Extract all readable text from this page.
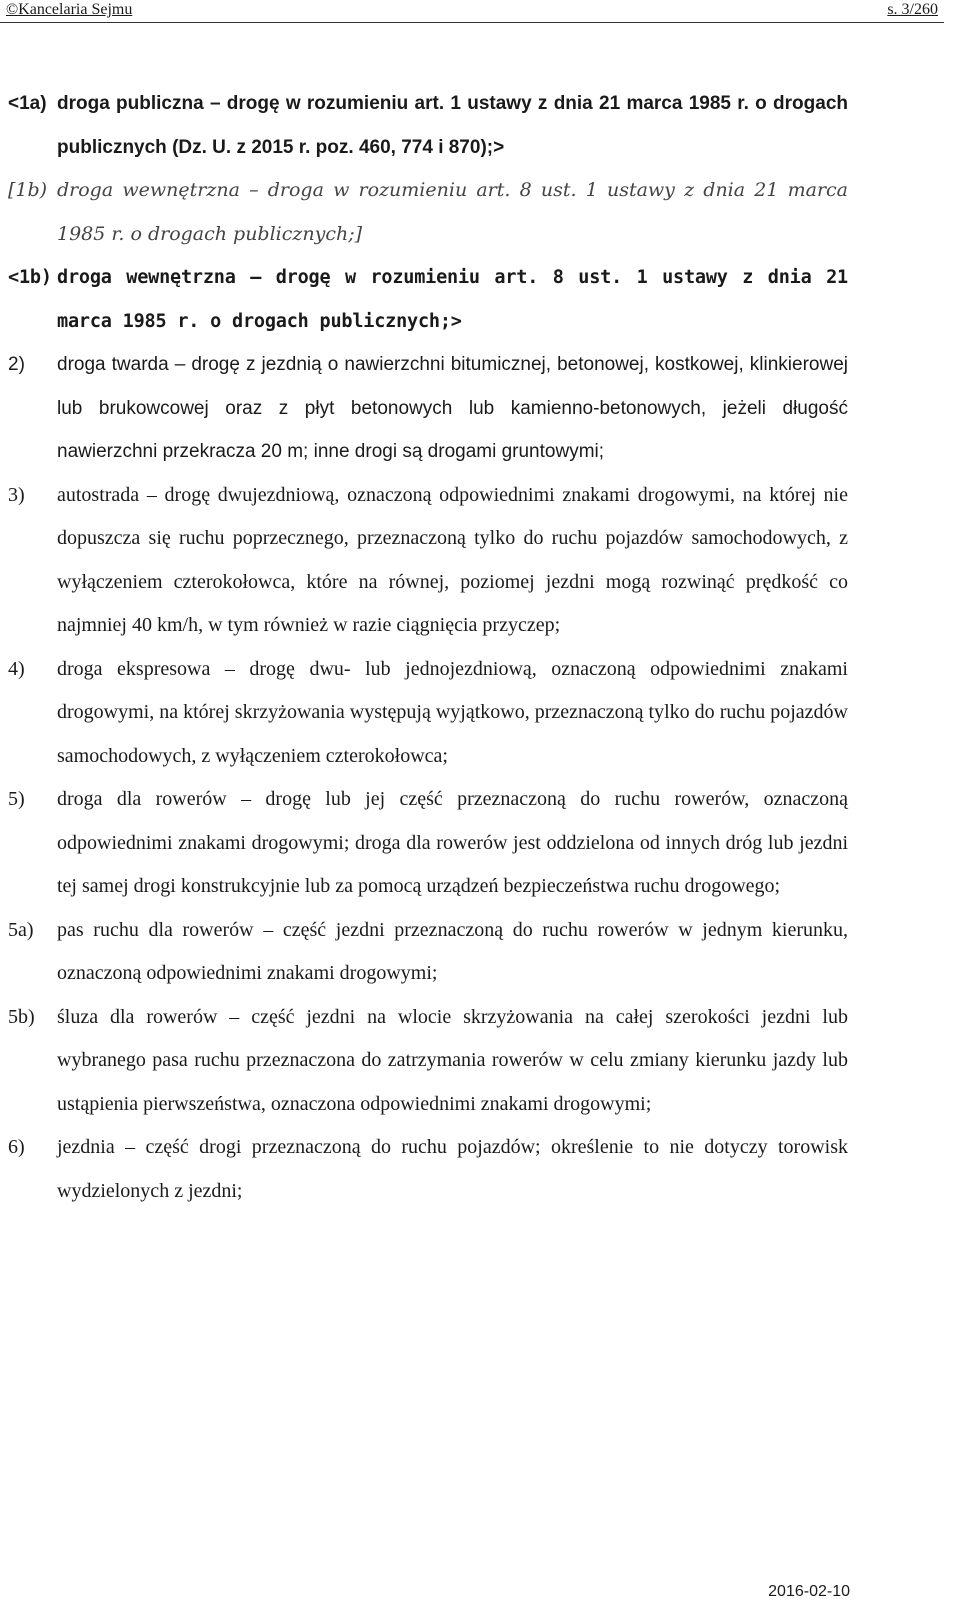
©Kancelaria Sejmu	s. 3/260
<1a) droga publiczna – drogę w rozumieniu art. 1 ustawy z dnia 21 marca 1985 r. o drogach publicznych (Dz. U. z 2015 r. poz. 460, 774 i 870);>
[1b) droga wewnętrzna – droga w rozumieniu art. 8 ust. 1 ustawy z dnia 21 marca 1985 r. o drogach publicznych;]
<1b) droga wewnętrzna – drogę w rozumieniu art. 8 ust. 1 ustawy z dnia 21 marca 1985 r. o drogach publicznych;>
2) droga twarda – drogę z jezdnią o nawierzchni bitumicznej, betonowej, kostkowej, klinkierowej lub brukowcowej oraz z płyt betonowych lub kamienno-betonowych, jeżeli długość nawierzchni przekracza 20 m; inne drogi są drogami gruntowymi;
3) autostrada – drogę dwujezdniową, oznaczoną odpowiednimi znakami drogowymi, na której nie dopuszcza się ruchu poprzecznego, przeznaczoną tylko do ruchu pojazdów samochodowych, z wyłączeniem czterokołowca, które na równej, poziomej jezdni mogą rozwinąć prędkość co najmniej 40 km/h, w tym również w razie ciągnięcia przyczep;
4) droga ekspresowa – drogę dwu- lub jednojezdniową, oznaczoną odpowiednimi znakami drogowymi, na której skrzyżowania występują wyjątkowo, przeznaczoną tylko do ruchu pojazdów samochodowych, z wyłączeniem czterokołowca;
5) droga dla rowerów – drogę lub jej część przeznaczoną do ruchu rowerów, oznaczoną odpowiednimi znakami drogowymi; droga dla rowerów jest oddzielona od innych dróg lub jezdni tej samej drogi konstrukcyjnie lub za pomocą urządzeń bezpieczeństwa ruchu drogowego;
5a) pas ruchu dla rowerów – część jezdni przeznaczoną do ruchu rowerów w jednym kierunku, oznaczoną odpowiednimi znakami drogowymi;
5b) śluza dla rowerów – część jezdni na wlocie skrzyżowania na całej szerokości jezdni lub wybranego pasa ruchu przeznaczona do zatrzymania rowerów w celu zmiany kierunku jazdy lub ustąpienia pierwszeństwa, oznaczona odpowiednimi znakami drogowymi;
6) jezdnia – część drogi przeznaczoną do ruchu pojazdów; określenie to nie dotyczy torowisk wydzielonych z jezdni;
2016-02-10
